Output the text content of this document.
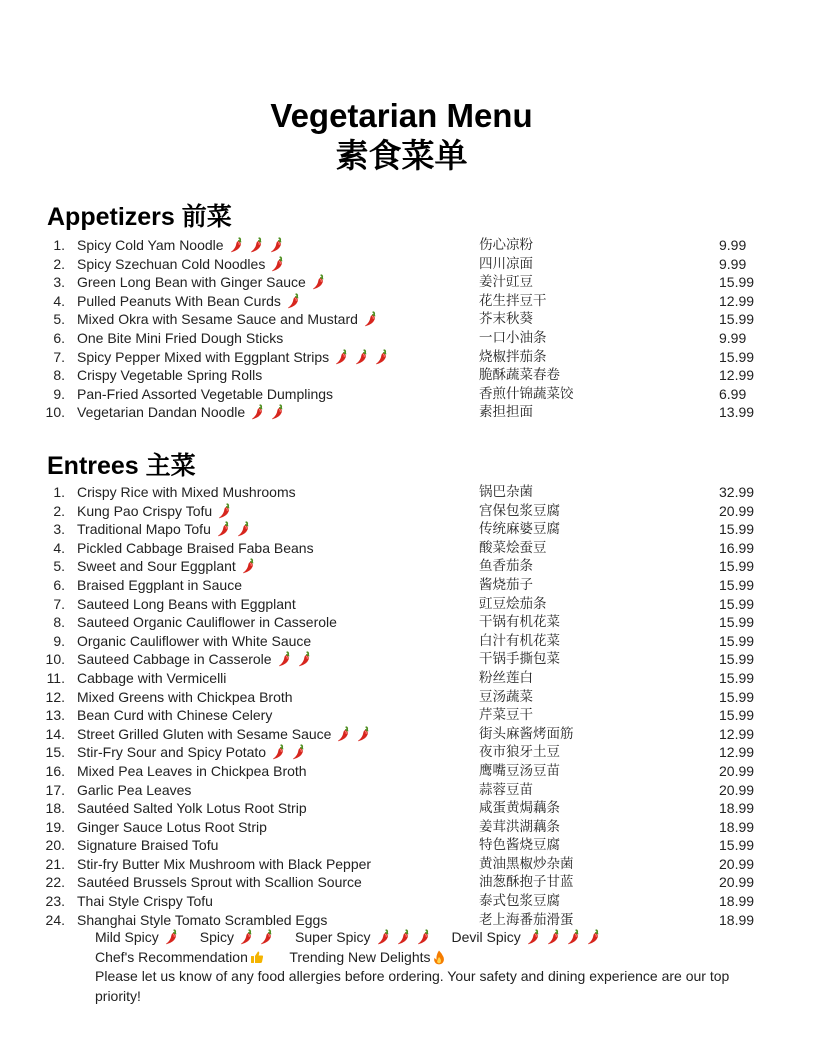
Vegetarian Menu
素食菜单
Appetizers 前菜
1. Spicy Cold Yam Noodle	伤心凉粉	9.99
2. Spicy Szechuan Cold Noodles	四川凉面	9.99
3. Green Long Bean with Ginger Sauce	姜汁豇豆	15.99
4. Pulled Peanuts With Bean Curds	花生拌豆干	12.99
5. Mixed Okra with Sesame Sauce and Mustard	芥末秋葵	15.99
6. One Bite Mini Fried Dough Sticks	一口小油条	9.99
7. Spicy Pepper Mixed with Eggplant Strips	烧椒拌茄条	15.99
8. Crispy Vegetable Spring Rolls	脆酥蔬菜春卷	12.99
9. Pan-Fried Assorted Vegetable Dumplings	香煎什锦蔬菜饺	6.99
10. Vegetarian Dandan Noodle	素担担面	13.99
Entrees 主菜
1. Crispy Rice with Mixed Mushrooms	锅巴杂菌	32.99
2. Kung Pao Crispy Tofu	宫保包浆豆腐	20.99
3. Traditional Mapo Tofu	传统麻婆豆腐	15.99
4. Pickled Cabbage Braised Faba Beans	酸菜烩蚕豆	16.99
5. Sweet and Sour Eggplant	鱼香茄条	15.99
6. Braised Eggplant in Sauce	酱烧茄子	15.99
7. Sauteed Long Beans with Eggplant	豇豆烩茄条	15.99
8. Sauteed Organic Cauliflower in Casserole	干锅有机花菜	15.99
9. Organic Cauliflower with White Sauce	白汁有机花菜	15.99
10. Sauteed Cabbage in Casserole	干锅手撕包菜	15.99
11. Cabbage with Vermicelli	粉丝莲白	15.99
12. Mixed Greens with Chickpea Broth	豆汤蔬菜	15.99
13. Bean Curd with Chinese Celery	芹菜豆干	15.99
14. Street Grilled Gluten with Sesame Sauce	街头麻酱烤面筋	12.99
15. Stir-Fry Sour and Spicy Potato	夜市狼牙土豆	12.99
16. Mixed Pea Leaves in Chickpea Broth	鹰嘴豆汤豆苗	20.99
17. Garlic Pea Leaves	蒜蓉豆苗	20.99
18. Sautéed Salted Yolk Lotus Root Strip	咸蛋黄焗藕条	18.99
19. Ginger Sauce Lotus Root Strip	姜茸洪湖藕条	18.99
20. Signature Braised Tofu	特色酱烧豆腐	15.99
21. Stir-fry Butter Mix Mushroom with Black Pepper	黄油黑椒炒杂菌	20.99
22. Sautéed Brussels Sprout with Scallion Source	油葱酥抱子甘蓝	20.99
23. Thai Style Crispy Tofu	泰式包浆豆腐	18.99
24. Shanghai Style Tomato Scrambled Eggs	老上海番茄滑蛋	18.99
Mild Spicy	Spicy	Super Spicy	Devil Spicy
Chef's Recommendation	Trending New Delights
Please let us know of any food allergies before ordering. Your safety and dining experience are our top priority!
